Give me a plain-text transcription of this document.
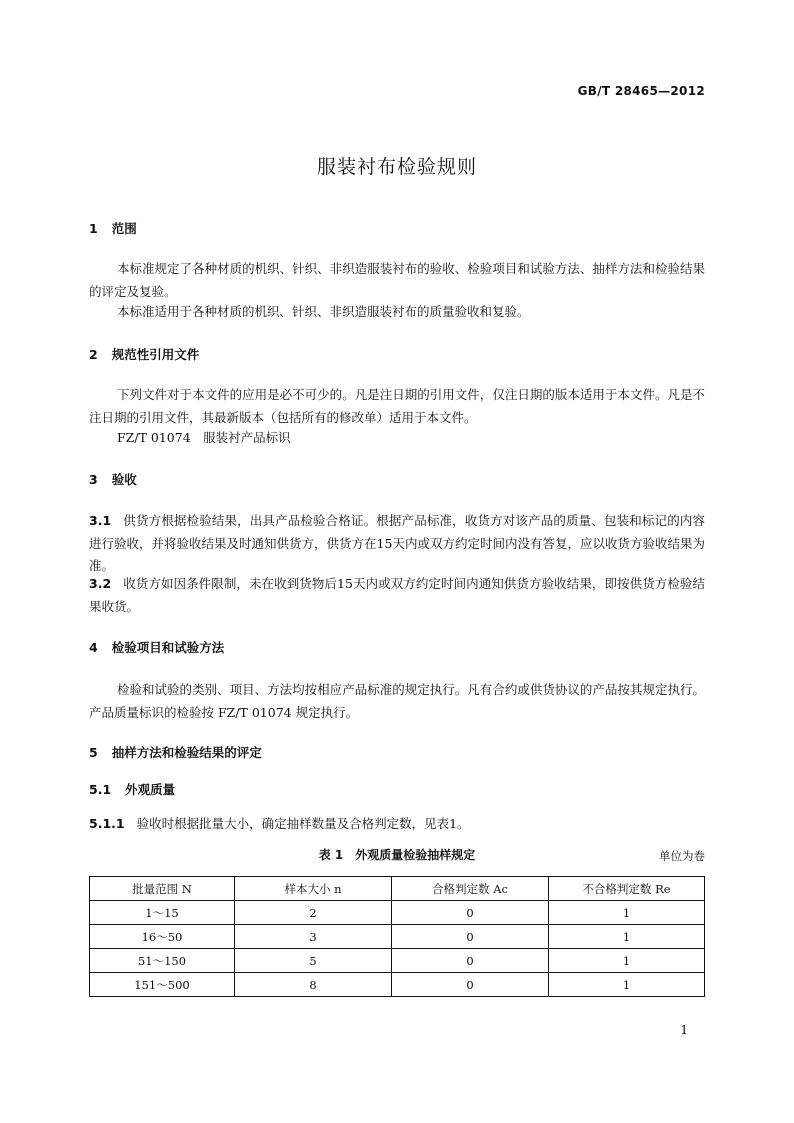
GB/T 28465—2012
服装衬布检验规则
1 范围
本标准规定了各种材质的机织、针织、非织造服装衬布的验收、检验项目和试验方法、抽样方法和检验结果的评定及复验。
本标准适用于各种材质的机织、针织、非织造服装衬布的质量验收和复验。
2 规范性引用文件
下列文件对于本文件的应用是必不可少的。凡是注日期的引用文件，仅注日期的版本适用于本文件。凡是不注日期的引用文件，其最新版本（包括所有的修改单）适用于本文件。
FZ/T 01074　服装衬产品标识
3 验收
3.1 供货方根据检验结果，出具产品检验合格证。根据产品标准，收货方对该产品的质量、包装和标记的内容进行验收，并将验收结果及时通知供货方，供货方在15天内或双方约定时间内没有答复，应以收货方验收结果为准。
3.2 收货方如因条件限制，未在收到货物后15天内或双方约定时间内通知供货方验收结果，即按供货方检验结果收货。
4 检验项目和试验方法
检验和试验的类别、项目、方法均按相应产品标准的规定执行。凡有合约或供货协议的产品按其规定执行。产品质量标识的检验按 FZ/T 01074 规定执行。
5 抽样方法和检验结果的评定
5.1 外观质量
5.1.1 验收时根据批量大小，确定抽样数量及合格判定数，见表1。
表 1 外观质量检验抽样规定	单位为卷
批量范围 N	样本大小 n	合格判定数 Ac	不合格判定数 Re
1～15	2	0	1
16～50	3	0	1
51～150	5	0	1
151～500	8	0	1
1
